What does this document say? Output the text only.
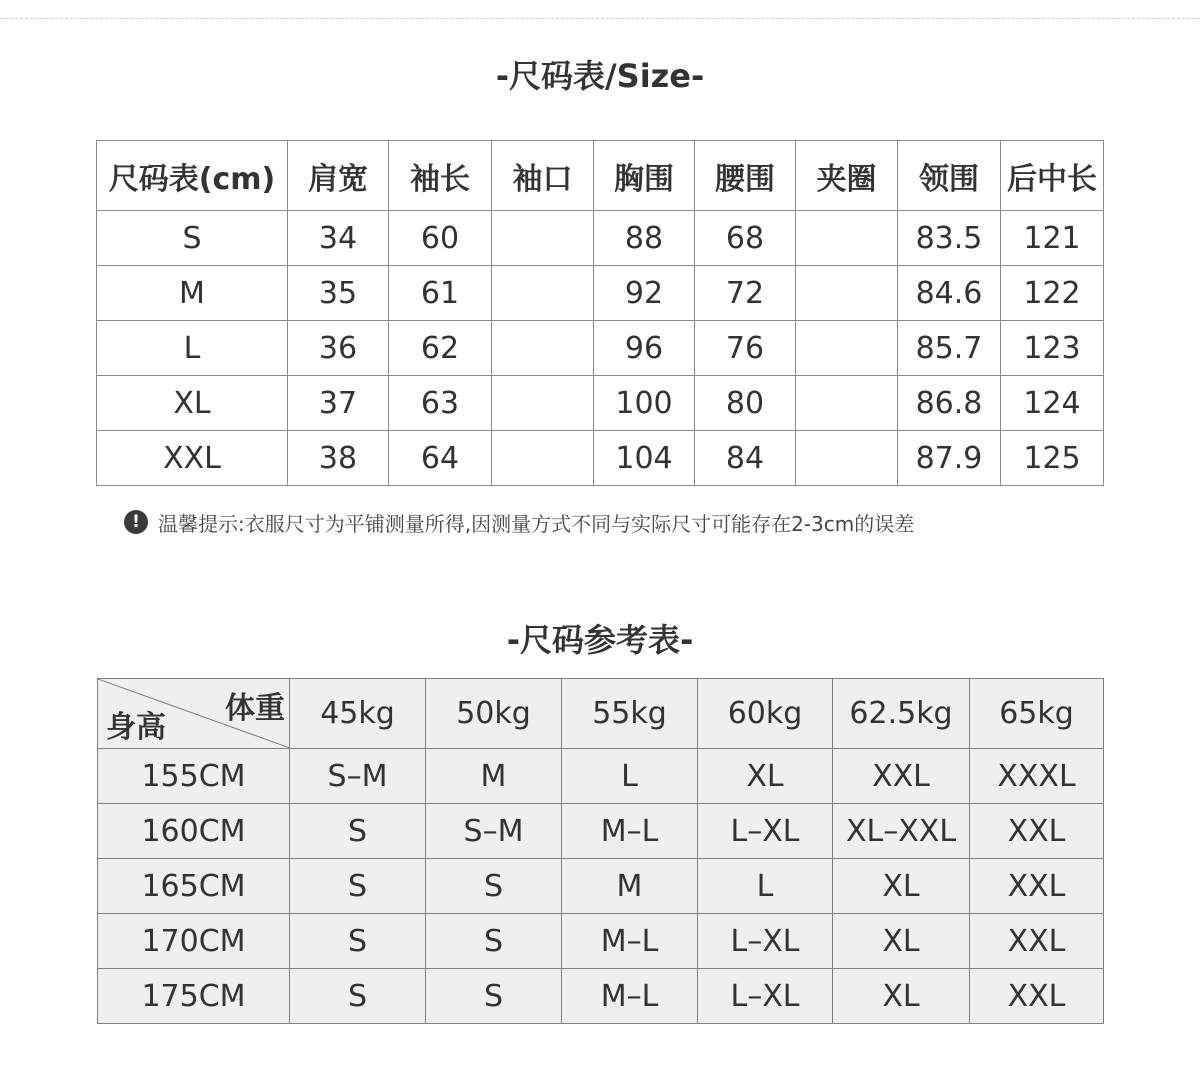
-尺码表/Size-
尺码表(cm)	肩宽	袖长	袖口	胸围	腰围	夹圈	领围	后中长
S	34	60		88	68		83.5	121
M	35	61		92	72		84.6	122
L	36	62		96	76		85.7	123
XL	37	63		100	80		86.8	124
XXL	38	64		104	84		87.9	125
! 温馨提示:衣服尺寸为平铺测量所得,因测量方式不同与实际尺寸可能存在2-3cm的误差
-尺码参考表-
体重
身高	45kg	50kg	55kg	60kg	62.5kg	65kg
155CM	S–M	M	L	XL	XXL	XXXL
160CM	S	S–M	M–L	L–XL	XL–XXL	XXL
165CM	S	S	M	L	XL	XXL
170CM	S	S	M–L	L–XL	XL	XXL
175CM	S	S	M–L	L–XL	XL	XXL
